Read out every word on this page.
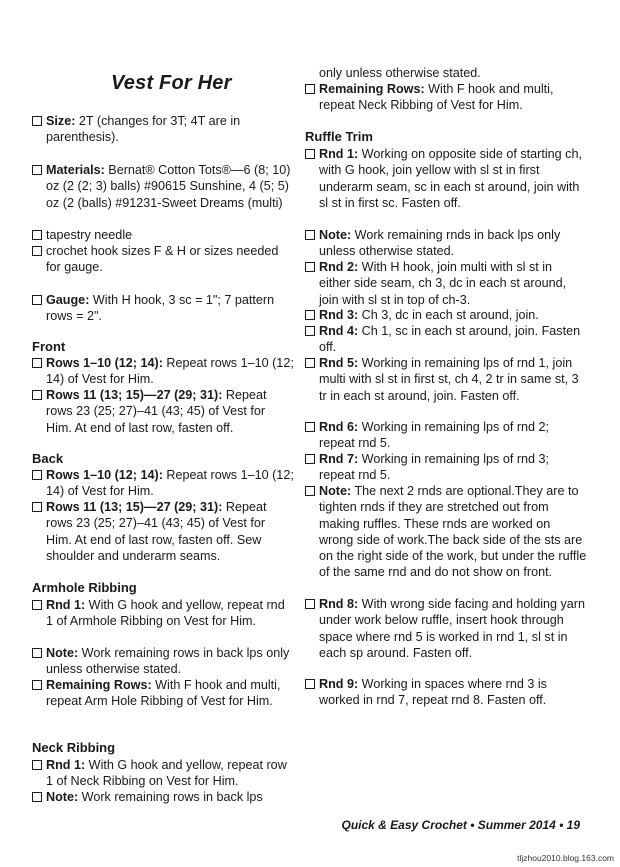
Vest For Her

Size: 2T (changes for 3T; 4T are in parenthesis).

Materials: Bernat® Cotton Tots®—6 (8; 10) oz (2 (2; 3) balls) #90615 Sunshine, 4 (5; 5) oz (2 (balls) #91231-Sweet Dreams (multi)

tapestry needle

crochet hook sizes F & H or sizes needed for gauge.

Gauge: With H hook, 3 sc = 1"; 7 pattern rows = 2".

Front

Rows 1–10 (12; 14): Repeat rows 1–10 (12; 14) of Vest for Him.

Rows 11 (13; 15)—27 (29; 31): Repeat rows 23 (25; 27)–41 (43; 45) of Vest for Him. At end of last row, fasten off.

Back

Rows 1–10 (12; 14): Repeat rows 1–10 (12; 14) of Vest for Him.

Rows 11 (13; 15)—27 (29; 31): Repeat rows 23 (25; 27)–41 (43; 45) of Vest for Him. At end of last row, fasten off. Sew shoulder and underarm seams.

Armhole Ribbing

Rnd 1: With G hook and yellow, repeat rnd 1 of Armhole Ribbing on Vest for Him.

Note: Work remaining rows in back lps only unless otherwise stated.

Remaining Rows: With F hook and multi, repeat Arm Hole Ribbing of Vest for Him.

Neck Ribbing

Rnd 1: With G hook and yellow, repeat row 1 of Neck Ribbing on Vest for Him.

Note: Work remaining rows in back lps

only unless otherwise stated.

Remaining Rows: With F hook and multi, repeat Neck Ribbing of Vest for Him.

Ruffle Trim

Rnd 1: Working on opposite side of starting ch, with G hook, join yellow with sl st in first underarm seam, sc in each st around, join with sl st in first sc. Fasten off.

Note: Work remaining rnds in back lps only unless otherwise stated.

Rnd 2: With H hook, join multi with sl st in either side seam, ch 3, dc in each st around, join with sl st in top of ch-3.

Rnd 3: Ch 3, dc in each st around, join.

Rnd 4: Ch 1, sc in each st around, join. Fasten off.

Rnd 5: Working in remaining lps of rnd 1, join multi with sl st in first st, ch 4, 2 tr in same st, 3 tr in each st around, join. Fasten off.

Rnd 6: Working in remaining lps of rnd 2; repeat rnd 5.

Rnd 7: Working in remaining lps of rnd 3; repeat rnd 5.

Note: The next 2 rnds are optional.They are to tighten rnds if they are stretched out from making ruffles. These rnds are worked on wrong side of work.The back side of the sts are on the right side of the work, but under the ruffle of the same rnd and do not show on front.

Rnd 8: With wrong side facing and holding yarn under work below ruffle, insert hook through space where rnd 5 is worked in rnd 1, sl st in each sp around. Fasten off.

Rnd 9: Working in spaces where rnd 3 is worked in rnd 7, repeat rnd 8. Fasten off.

Quick & Easy Crochet • Summer 2014 • 19

tljzhou2010.blog.163.com
